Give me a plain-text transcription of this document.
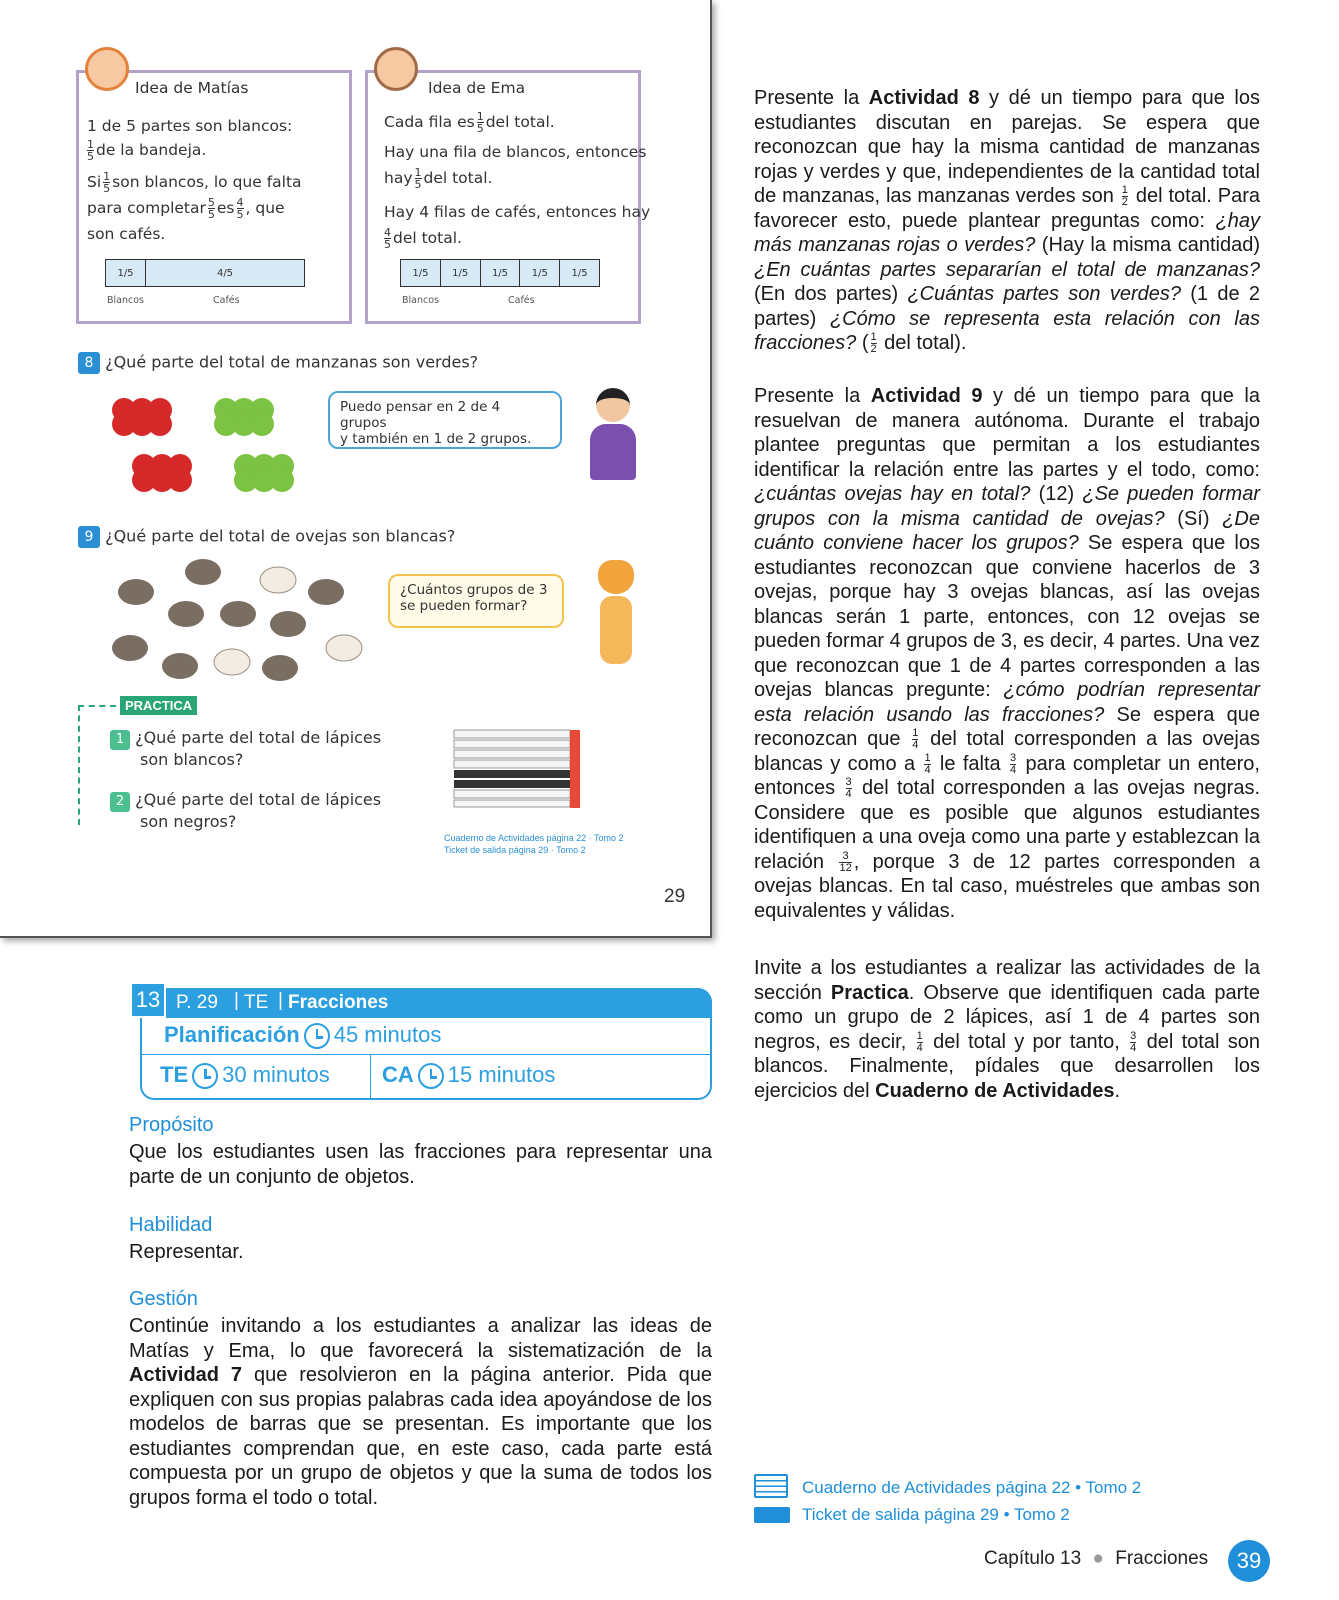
Idea de Matías

1 de 5 partes son blancos:

$\frac{1}{5}$ de la bandeja.

Si $\frac{1}{5}$ son blancos, lo que falta

para completar $\frac{5}{5}$ es $\frac{4}{5}$ , que

son cafés.

1/5	4/5
Blancos	Cafés
Idea de Ema

Cada fila es $\frac{1}{5}$ del total.

Hay una fila de blancos, entonces

hay $\frac{1}{5}$ del total.

Hay 4 filas de cafés, entonces hay

$\frac{4}{5}$ del total.

1/5	1/5	1/5	1/5	1/5
Blancos	Cafés
8 ¿Qué parte del total de manzanas son verdes?
Puedo pensar en 2 de 4 grupos
y también en 1 de 2 grupos.
9 ¿Qué parte del total de ovejas son blancas?
¿Cuántos grupos de 3
se pueden formar?
PRACTICA
1 ¿Qué parte del total de lápices
son blancos?
2 ¿Qué parte del total de lápices
son negros?
Cuaderno de Actividades página 22 · Tomo 2
Ticket de salida página 29 · Tomo 2
29
13 P. 29 | TE | Fracciones
Planificación 45 minutos
TE 30 minutos CA 15 minutos
Propósito
Que los estudiantes usen las fracciones para representar una parte de un conjunto de objetos.
Habilidad
Representar.
Gestión
Continúe invitando a los estudiantes a analizar las ideas de Matías y Ema, lo que favorecerá la sistematización de la Actividad 7 que resolvieron en la página anterior. Pida que expliquen con sus propias palabras cada idea apoyándose de los modelos de barras que se presentan. Es importante que los estudiantes comprendan que, en este caso, cada parte está compuesta por un grupo de objetos y que la suma de todos los grupos forma el todo o total.
Presente la Actividad 8 y dé un tiempo para que los estudiantes discutan en parejas. Se espera que reconozcan que hay la misma cantidad de manzanas rojas y verdes y que, independientes de la cantidad total de manzanas, las manzanas verdes son $\frac{1}{2}$ del total. Para favorecer esto, puede plantear preguntas como: ¿hay más manzanas rojas o verdes? (Hay la misma cantidad) ¿En cuántas partes separarían el total de manzanas? (En dos partes) ¿Cuántas partes son verdes? (1 de 2 partes) ¿Cómo se representa esta relación con las fracciones? ( $\frac{1}{2}$ del total).
Presente la Actividad 9 y dé un tiempo para que la resuelvan de manera autónoma. Durante el trabajo plantee preguntas que permitan a los estudiantes identificar la relación entre las partes y el todo, como: ¿cuántas ovejas hay en total? (12) ¿Se pueden formar grupos con la misma cantidad de ovejas? (Sí) ¿De cuánto conviene hacer los grupos? Se espera que los estudiantes reconozcan que conviene hacerlos de 3 ovejas, porque hay 3 ovejas blancas, así las ovejas blancas serán 1 parte, entonces, con 12 ovejas se pueden formar 4 grupos de 3, es decir, 4 partes. Una vez que reconozcan que 1 de 4 partes corresponden a las ovejas blancas pregunte: ¿cómo podrían representar esta relación usando las fracciones? Se espera que reconozcan que $\frac{1}{4}$ del total corresponden a las ovejas blancas y como a $\frac{1}{4}$ le falta $\frac{3}{4}$ para completar un entero, entonces $\frac{3}{4}$ del total corresponden a las ovejas negras. Considere que es posible que algunos estudiantes identifiquen a una oveja como una parte y establezcan la relación $\frac{3}{12}$ , porque 3 de 12 partes corresponden a ovejas blancas. En tal caso, muéstreles que ambas son equivalentes y válidas.
Invite a los estudiantes a realizar las actividades de la sección Practica. Observe que identifiquen cada parte como un grupo de 2 lápices, así 1 de 4 partes son negros, es decir, $\frac{1}{4}$ del total y por tanto, $\frac{3}{4}$ del total son blancos. Finalmente, pídales que desarrollen los ejercicios del Cuaderno de Actividades.
Cuaderno de Actividades página 22 • Tomo 2
Ticket de salida página 29 • Tomo 2
Capítulo 13 ● Fracciones	39
